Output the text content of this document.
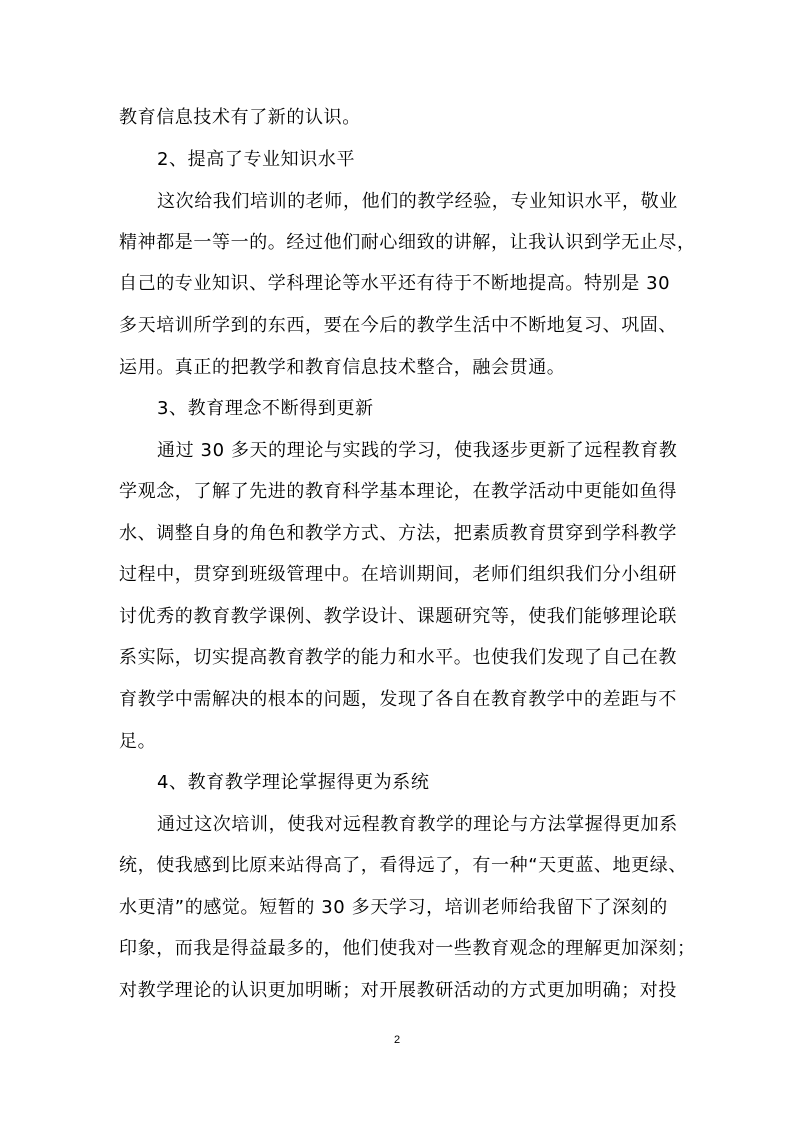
教育信息技术有了新的认识。
2、提高了专业知识水平
这次给我们培训的老师，他们的教学经验，专业知识水平，敬业
精神都是一等一的。经过他们耐心细致的讲解，让我认识到学无止尽，
自己的专业知识、学科理论等水平还有待于不断地提高。特别是 30
多天培训所学到的东西，要在今后的教学生活中不断地复习、巩固、
运用。真正的把教学和教育信息技术整合，融会贯通。
3、教育理念不断得到更新
通过 30 多天的理论与实践的学习，使我逐步更新了远程教育教
学观念，了解了先进的教育科学基本理论，在教学活动中更能如鱼得
水、调整自身的角色和教学方式、方法，把素质教育贯穿到学科教学
过程中，贯穿到班级管理中。在培训期间，老师们组织我们分小组研
讨优秀的教育教学课例、教学设计、课题研究等，使我们能够理论联
系实际，切实提高教育教学的能力和水平。也使我们发现了自己在教
育教学中需解决的根本的问题，发现了各自在教育教学中的差距与不
足。
4、教育教学理论掌握得更为系统
通过这次培训，使我对远程教育教学的理论与方法掌握得更加系
统，使我感到比原来站得高了，看得远了，有一种“天更蓝、地更绿、
水更清”的感觉。短暂的 30 多天学习，培训老师给我留下了深刻的
印象，而我是得益最多的，他们使我对一些教育观念的理解更加深刻；
对教学理论的认识更加明晰；对开展教研活动的方式更加明确；对投
2
